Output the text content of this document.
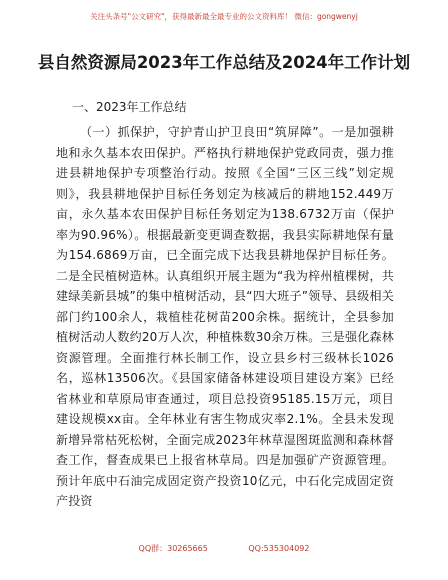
关注头条号"公文研究"，获得最新最全最专业的公文资料库！ 微信：gongwenyj
县自然资源局2023年工作总结及2024年工作计划
一、2023年工作总结
（一）抓保护，守护青山护卫良田“筑屏障”。一是加强耕地和永久基本农田保护。严格执行耕地保护党政同责，强力推进县耕地保护专项整治行动。按照《全国“三区三线”划定规则》，我县耕地保护目标任务划定为核减后的耕地152.449万亩，永久基本农田保护目标任务划定为138.6732万亩（保护率为90.96%）。根据最新变更调查数据，我县实际耕地保有量为154.6869万亩，已全面完成下达我县耕地保护目标任务。二是全民植树造林。认真组织开展主题为“我为梓州植棵树，共建绿美新县城”的集中植树活动，县“四大班子”领导、县级相关部门约100余人，栽植桂花树苗200余株。据统计，全县参加植树活动人数约20万人次，种植株数30余万株。三是强化森林资源管理。全面推行林长制工作，设立县乡村三级林长1026名，巡林13506次。《县国家储备林建设项目建设方案》已经省林业和草原局审查通过，项目总投资95185.15万元，项目建设规模xx亩。全年林业有害生物成灾率2.1%。全县未发现新增异常枯死松树，全面完成2023年林草湿图斑监测和森林督查工作，督查成果已上报省林草局。四是加强矿产资源管理。预计年底中石油完成固定资产投资10亿元，中石化完成固定资产投资
QQ群：30265665	QQ:535304092
